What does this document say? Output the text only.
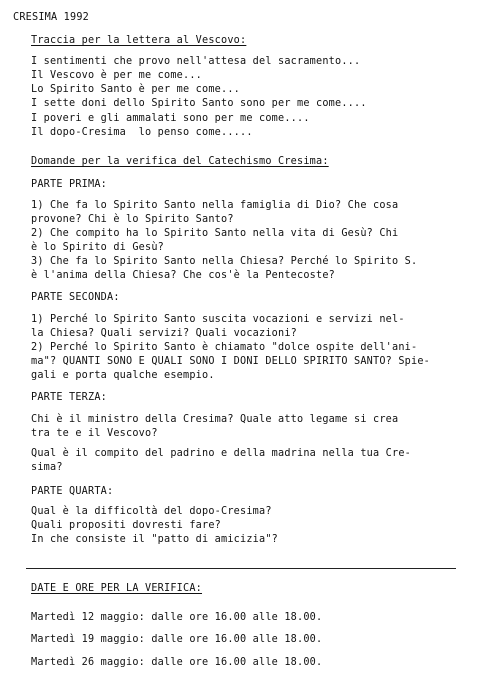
CRESIMA 1992
Traccia per la lettera al Vescovo:
I sentimenti che provo nell'attesa del sacramento...
Il Vescovo è per me come...
Lo Spirito Santo è per me come...
I sette doni dello Spirito Santo sono per me come....
I poveri e gli ammalati sono per me come....
Il dopo-Cresima  lo penso come.....
Domande per la verifica del Catechismo Cresima:
PARTE PRIMA:
1) Che fa lo Spirito Santo nella famiglia di Dio? Che cosa
provone? Chi è lo Spirito Santo?
2) Che compito ha lo Spirito Santo nella vita di Gesù? Chi
è lo Spirito di Gesù?
3) Che fa lo Spirito Santo nella Chiesa? Perché lo Spirito S.
è l'anima della Chiesa? Che cos'è la Pentecoste?
PARTE SECONDA:
1) Perché lo Spirito Santo suscita vocazioni e servizi nel-
la Chiesa? Quali servizi? Quali vocazioni?
2) Perché lo Spirito Santo è chiamato "dolce ospite dell'ani-
ma"? QUANTI SONO E QUALI SONO I DONI DELLO SPIRITO SANTO? Spie-
gali e porta qualche esempio.
PARTE TERZA:
Chi è il ministro della Cresima? Quale atto legame si crea
tra te e il Vescovo?
Qual è il compito del padrino e della madrina nella tua Cre-
sima?
PARTE QUARTA:
Qual è la difficoltà del dopo-Cresima?
Quali propositi dovresti fare?
In che consiste il "patto di amicizia"?
DATE E ORE PER LA VERIFICA:
Martedì 12 maggio: dalle ore 16.00 alle 18.00.
Martedì 19 maggio: dalle ore 16.00 alle 18.00.
Martedì 26 maggio: dalle ore 16.00 alle 18.00.
